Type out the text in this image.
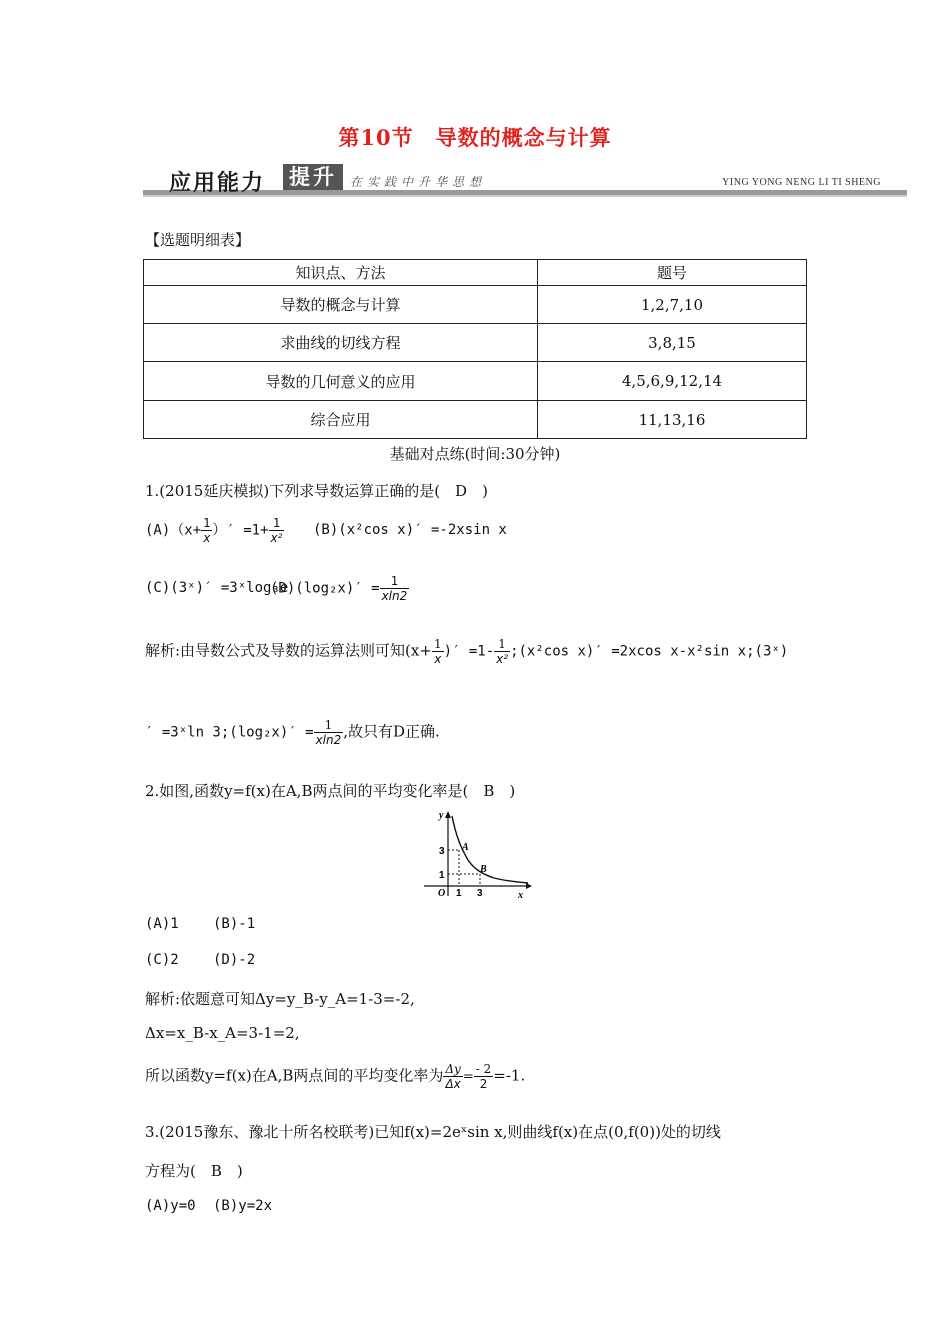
第10节　导数的概念与计算
应用能力 提升	在实践中升华思想	YING YONG NENG LI TI SHENG
【选题明细表】
知识点、方法	题号
导数的概念与计算	1,2,7,10
求曲线的切线方程	3,8,15
导数的几何意义的应用	4,5,6,9,12,14
综合应用	11,13,16
基础对点练(时间:30分钟)
1.(2015延庆模拟)下列求导数运算正确的是(　D　)
$(A)(x+ \frac{1}{x}$ ）′ $=1+ \frac{1}{\text{x²}} (B)(x^2\cos$ x)′ =-2xsin x
(C)(3ˣ)′ =3ˣlog₃e
$(D)(\log_2x)' = \frac{1}{xln2}$
解析:由导数公式及导数的运算法则可知($x+ \frac{1}{x}$ )′ $=1- \frac{1}{\text{x²}}$ ;(x²cos x)′ =2xcos x-x²sin x;(3ˣ)
′ =3ˣln 3;(log₂x)′ = $\frac{1}{xln2}$ ,故只有D正确.
2.如图,函数y=f(x)在A,B两点间的平均变化率是(　B　)
y
x
O
3
1
1 3
A
B
(A)1 (B)-1
(C)2 (D)-2
解析:依题意可知Δy=y_B-y_A=1-3=-2,
Δx=x_B-x_A=3-1=2,
所以函数y=f(x)在A,B两点间的平均变化率为 $\frac{\Delta y}{\Delta x} = \frac{- 2}{2} =-1$.
3.(2015豫东、豫北十所名校联考)已知f(x)=2eˣsin x,则曲线f(x)在点(0,f(0))处的切线
方程为(　B　)
(A)y=0 (B)y=2x
